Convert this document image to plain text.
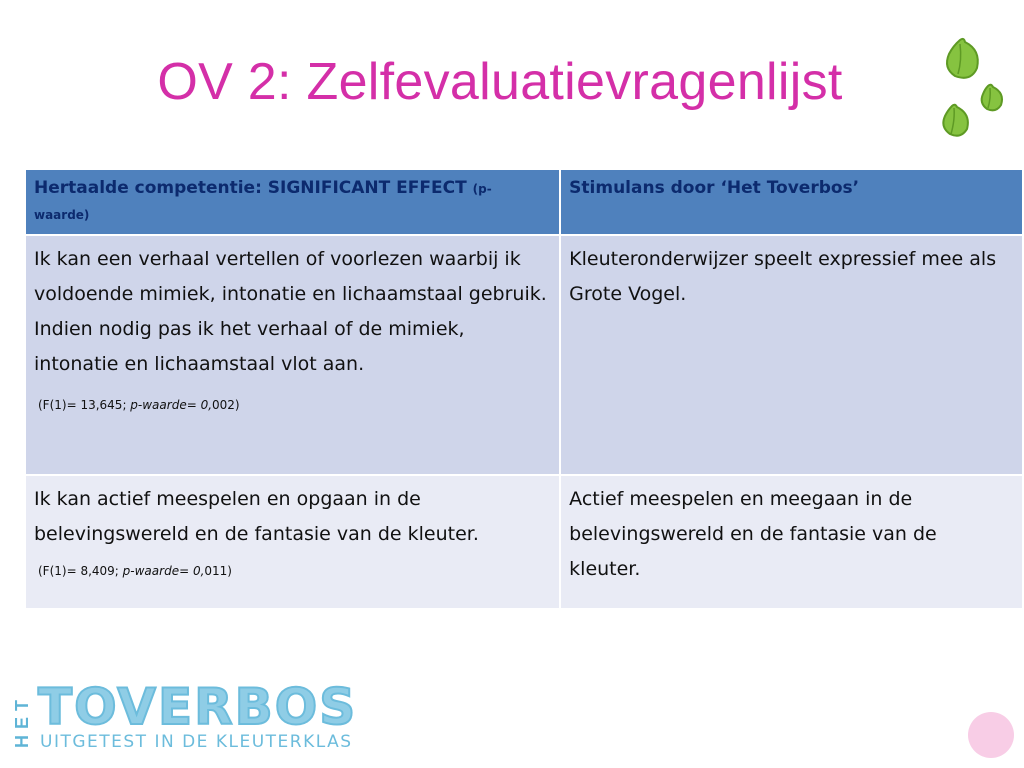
OV 2: Zelfevaluatievragenlijst
Hertaalde competentie: SIGNIFICANT EFFECT (p-
waarde)	Stimulans door ‘Het Toverbos’

Ik kan een verhaal vertellen of voorlezen waarbij ik voldoende mimiek, intonatie en lichaamstaal gebruik. Indien nodig pas ik het verhaal of de mimiek, intonatie en lichaamstaal vlot aan.
(F(1)= 13,645; p-waarde= 0,002)	Kleuteronderwijzer speelt expressief mee als Grote Vogel.

Ik kan actief meespelen en opgaan in de belevingswereld en de fantasie van de kleuter.
(F(1)= 8,409; p-waarde= 0,011)	Actief meespelen en meegaan in de belevingswereld en de fantasie van de kleuter.
HET TOVERBOS
UITGETEST IN DE KLEUTERKLAS
